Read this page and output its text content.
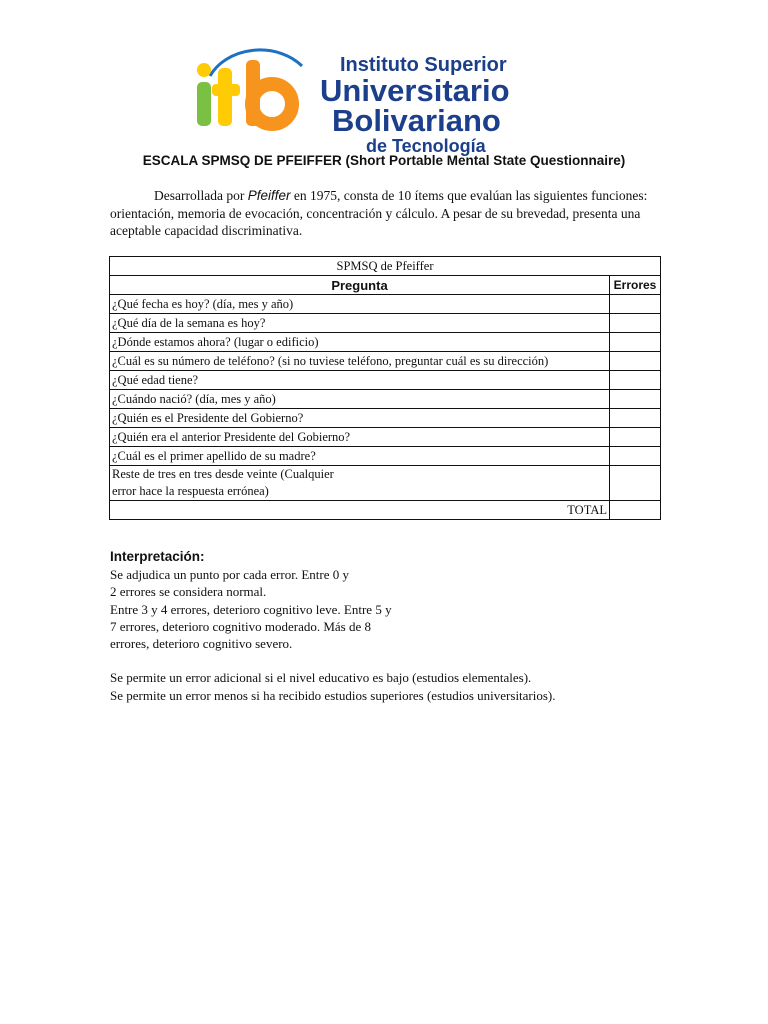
itb
Instituto Superior
Universitario
Bolivariano
de Tecnología
ESCALA SPMSQ DE PFEIFFER (Short Portable Mental State Questionnaire)

Desarrollada por Pfeiffer en 1975, consta de 10 ítems que evalúan las siguientes funciones: orientación, memoria de evocación, concentración y cálculo. A pesar de su brevedad, presenta una aceptable capacidad discriminativa.

SPMSQ de Pfeiffer	
Pregunta	Errores
¿Qué fecha es hoy? (día, mes y año)	
¿Qué día de la semana es hoy?	
¿Dónde estamos ahora? (lugar o edificio)	
¿Cuál es su número de teléfono? (si no tuviese teléfono, preguntar cuál es su dirección)	
¿Qué edad tiene?	
¿Cuándo nació? (día, mes y año)	
¿Quién es el Presidente del Gobierno?	
¿Quién era el anterior Presidente del Gobierno?	
¿Cuál es el primer apellido de su madre?	

Reste de tres en tres desde veinte (Cualquier
error hace la respuesta errónea)	

TOTAL	
Interpretación:

Se adjudica un punto por cada error. Entre 0 y

2 errores se considera normal.

Entre 3 y 4 errores, deterioro cognitivo leve. Entre 5 y

7 errores, deterioro cognitivo moderado. Más de 8

errores, deterioro cognitivo severo.

Se permite un error adicional si el nivel educativo es bajo (estudios elementales).

Se permite un error menos si ha recibido estudios superiores (estudios universitarios).
